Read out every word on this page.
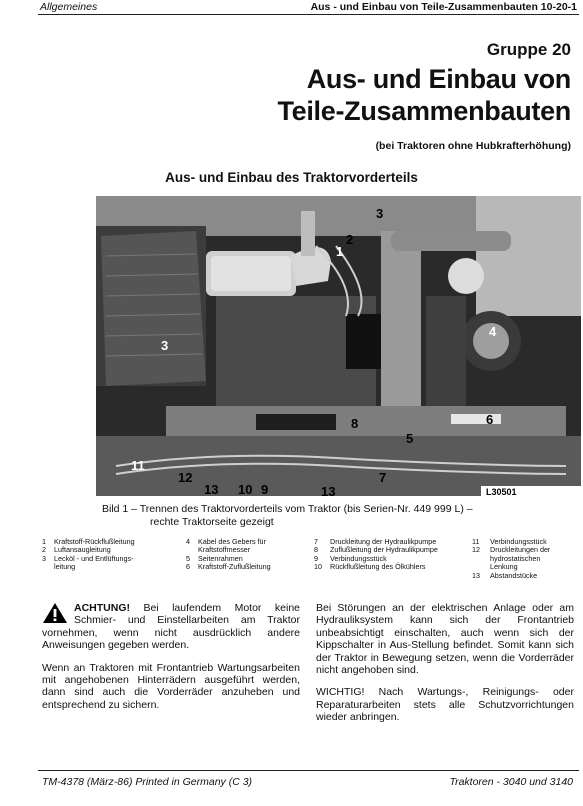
Allgemeines	Aus - und Einbau von Teile-Zusammenbauten 10-20-1
Gruppe 20
Aus- und Einbau von
Teile-Zusammenbauten
(bei Traktoren ohne Hubkrafterhöhung)
Aus- und Einbau des Traktorvorderteils
3
2
1
4
3
6
8
5
7
11
12
13 10 9	13	L30501
Bild 1 – Trennen des Traktorvorderteils vom Traktor (bis Serien-Nr. 449 999 L) –
rechte Traktorseite gezeigt
1	Kraftstoff-Rückflußleitung
2	Luftansaugleitung
3	Lecköl - und Entlüftungs-
leitung
4	Kabel des Gebers für
Kraftstoffmesser
5	Seitenrahmen
6	Kraftstoff-Zuflußleitung
7	Druckleitung der Hydraulikpumpe
8	Zuflußleitung der Hydraulikpumpe
9	Verbindungsstück
10	Rückflußleitung des Ölkühlers
11	Verbindungsstück
12	Druckleitungen der
hydrostatischen
Lenkung
13	Abstandstücke

ACHTUNG! Bei laufendem Motor keine Schmier- und Einstellarbeiten am Traktor vornehmen, wenn nicht ausdrücklich andere Anweisungen gegeben werden.

Wenn an Traktoren mit Frontantrieb Wartungsarbeiten mit angehobenen Hinterrädern ausgeführt werden, dann sind auch die Vorderräder anzuheben und entsprechend zu sichern.

Bei Störungen an der elektrischen Anlage oder am Hydrauliksystem kann sich der Frontantrieb unbeabsichtigt einschalten, auch wenn sich der Kippschalter in Aus-Stellung befindet. Somit kann sich der Traktor in Bewegung setzen, wenn die Vorderräder nicht angehoben sind.

WICHTIG! Nach Wartungs-, Reinigungs- oder Reparaturarbeiten stets alle Schutzvorrichtungen wieder anbringen.

TM-4378 (März-86) Printed in Germany (C 3)	Traktoren - 3040 und 3140
